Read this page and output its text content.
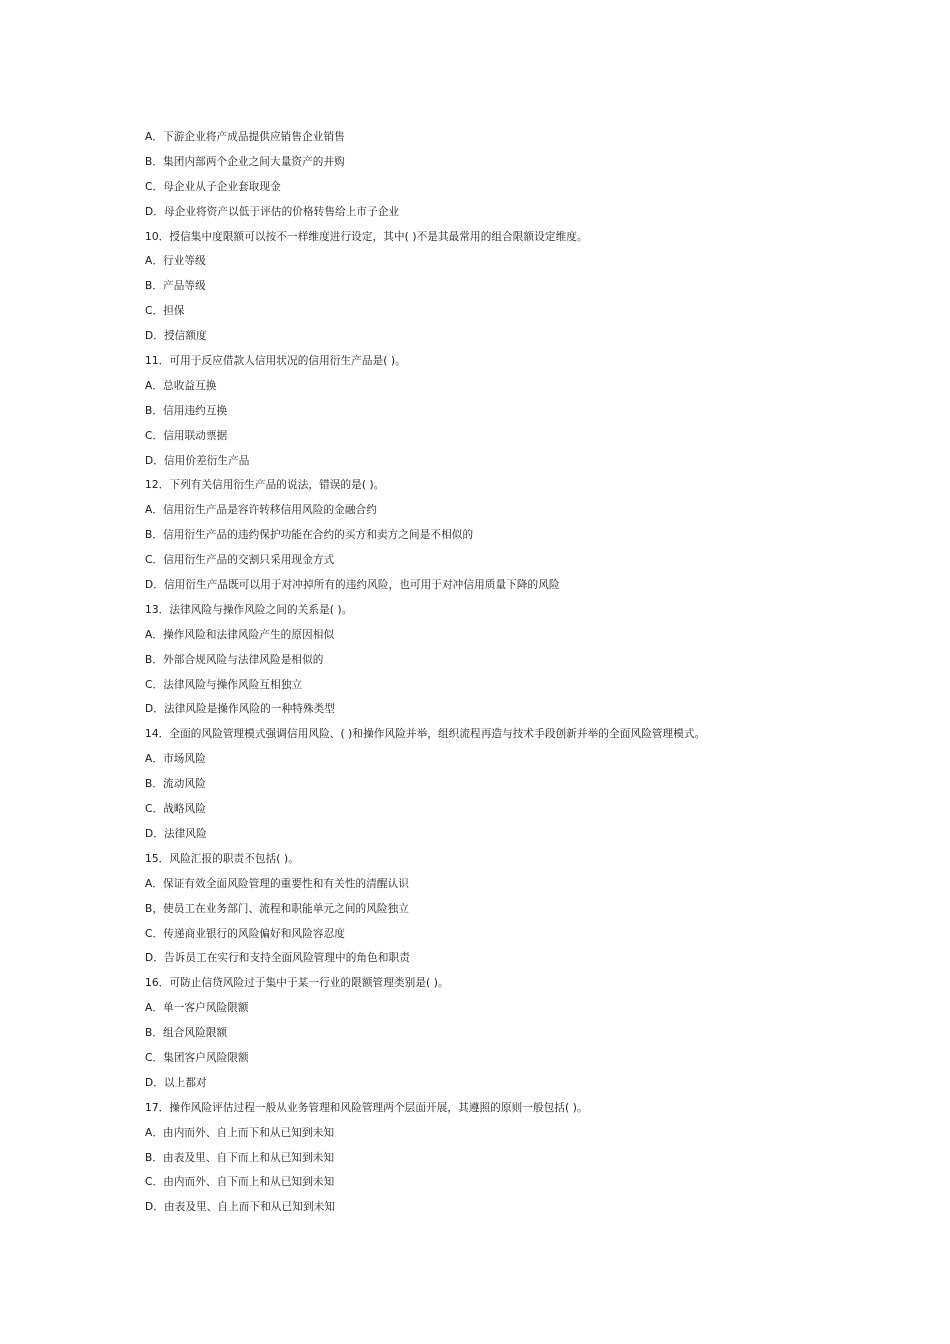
A．下游企业将产成品提供应销售企业销售
B．集团内部两个企业之间大量资产的并购
C．母企业从子企业套取现金
D．母企业将资产以低于评估的价格转售给上市子企业
10．授信集中度限额可以按不一样维度进行设定，其中( )不是其最常用的组合限额设定维度。
A．行业等级
B．产品等级
C．担保
D．授信额度
11．可用于反应借款人信用状况的信用衍生产品是( )。
A．总收益互换
B．信用违约互换
C．信用联动票据
D．信用价差衍生产品
12．下列有关信用衍生产品的说法，错误的是( )。
A．信用衍生产品是容许转移信用风险的金融合约
B．信用衍生产品的违约保护功能在合约的买方和卖方之间是不相似的
C．信用衍生产品的交割只采用现金方式
D．信用衍生产品既可以用于对冲掉所有的违约风险，也可用于对冲信用质量下降的风险
13．法律风险与操作风险之间的关系是( )。
A．操作风险和法律风险产生的原因相似
B．外部合规风险与法律风险是相似的
C．法律风险与操作风险互相独立
D．法律风险是操作风险的一种特殊类型
14．全面的风险管理模式强调信用风险、( )和操作风险并举，组织流程再造与技术手段创新并举的全面风险管理模式。
A．市场风险
B．流动风险
C．战略风险
D．法律风险
15．风险汇报的职责不包括( )。
A．保证有效全面风险管理的重要性和有关性的清醒认识
B，使员工在业务部门、流程和职能单元之间的风险独立
C．传递商业银行的风险偏好和风险容忍度
D．告诉员工在实行和支持全面风险管理中的角色和职责
16．可防止信贷风险过于集中于某一行业的限额管理类别是( )。
A．单一客户风险限额
B．组合风险限额
C．集团客户风险限额
D．以上都对
17．操作风险评估过程一般从业务管理和风险管理两个层面开展，其遵照的原则一般包括( )。
A．由内而外、自上而下和从已知到未知
B．由表及里、自下而上和从已知到未知
C．由内而外、自下而上和从已知到未知
D．由表及里、自上而下和从已知到未知
